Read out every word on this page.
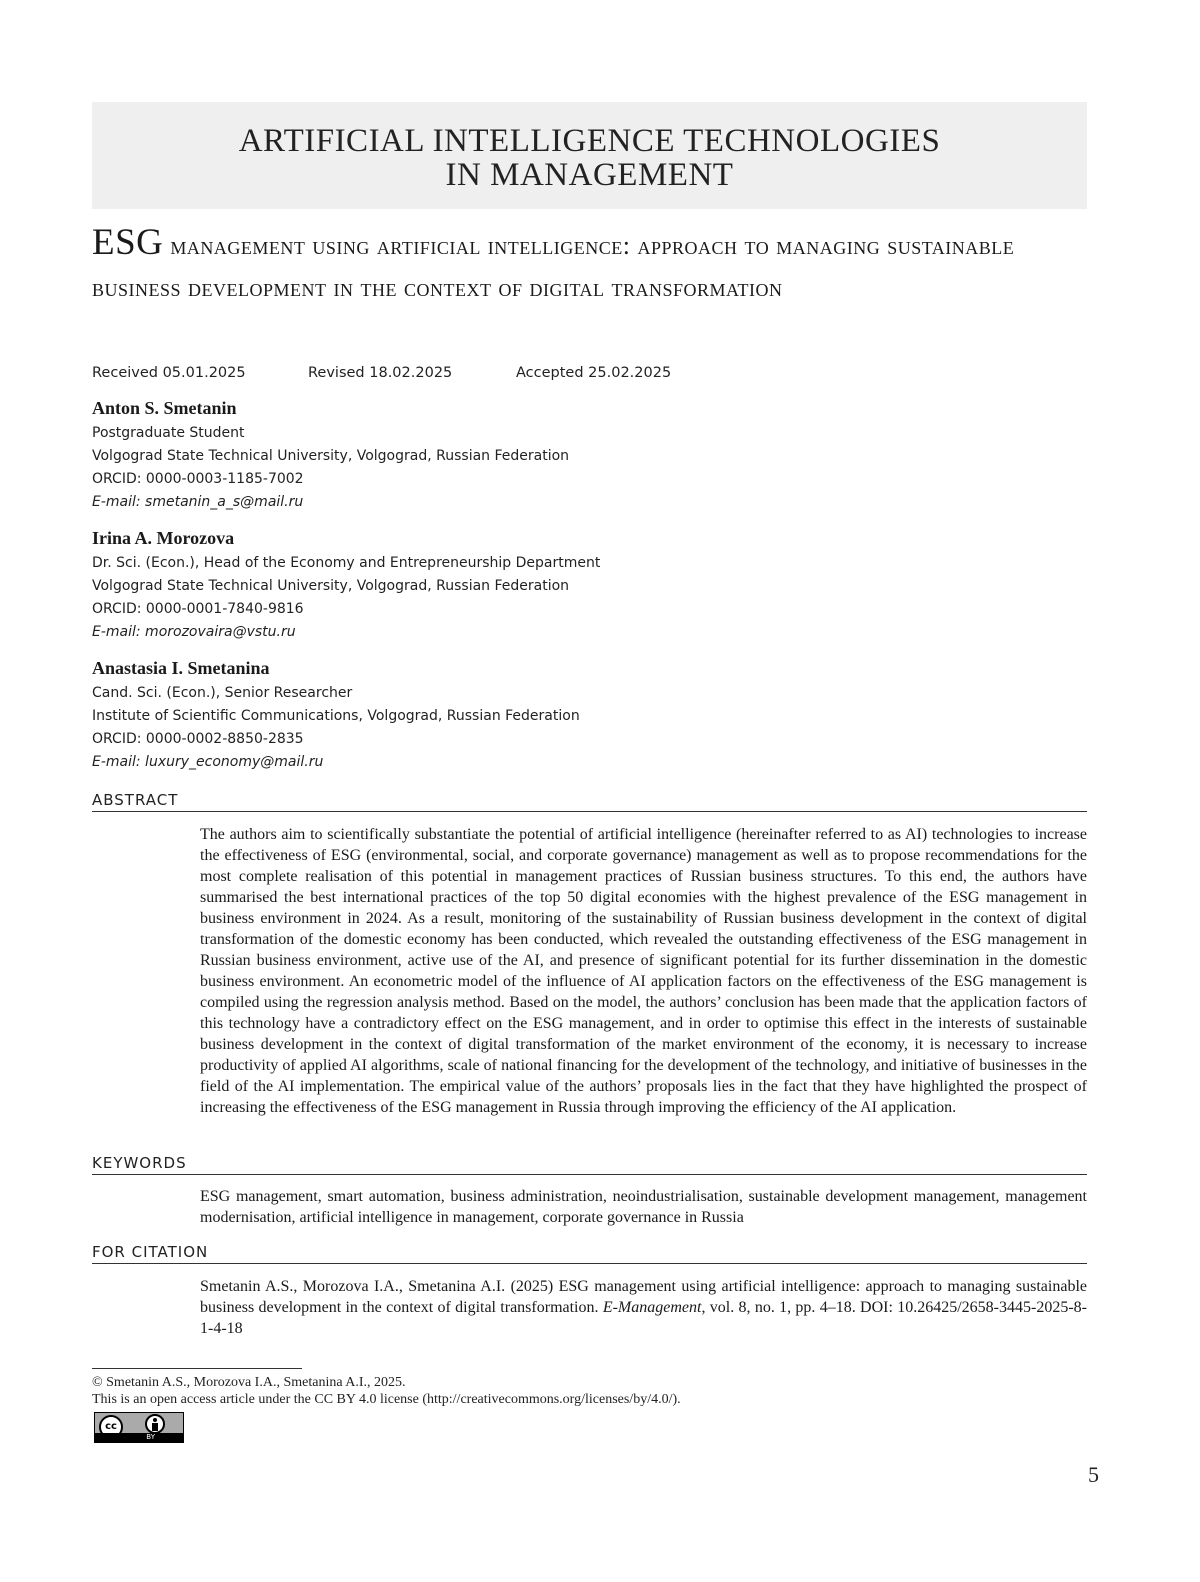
ARTIFICIAL INTELLIGENCE TECHNOLOGIES
IN MANAGEMENT
ESG management using artificial intelligence: approach to managing sustainable business development in the context of digital transformation
Received 05.01.2025	Revised 18.02.2025	Accepted 25.02.2025
Anton S. Smetanin
Postgraduate Student
Volgograd State Technical University, Volgograd, Russian Federation
ORCID: 0000-0003-1185-7002
E-mail: smetanin_a_s@mail.ru
Irina A. Morozova
Dr. Sci. (Econ.), Head of the Economy and Entrepreneurship Department
Volgograd State Technical University, Volgograd, Russian Federation
ORCID: 0000-0001-7840-9816
E-mail: morozovaira@vstu.ru
Anastasia I. Smetanina
Cand. Sci. (Econ.), Senior Researcher
Institute of Scientific Communications, Volgograd, Russian Federation
ORCID: 0000-0002-8850-2835
E-mail: luxury_economy@mail.ru
ABSTRACT
The authors aim to scientifically substantiate the potential of artificial intelligence (hereinafter referred to as AI) technologies to increase the effectiveness of ESG (environmental, social, and corporate governance) management as well as to propose recommendations for the most complete realisation of this potential in management practices of Russian business structures. To this end, the authors have summarised the best international practices of the top 50 digital economies with the highest prevalence of the ESG management in business environment in 2024. As a result, monitoring of the sustainability of Russian business development in the context of digital transformation of the domestic economy has been conducted, which revealed the outstanding effectiveness of the ESG management in Russian business environment, active use of the AI, and presence of significant potential for its further dissemination in the domestic business environment. An econometric model of the influence of AI application factors on the effectiveness of the ESG management is compiled using the regression analysis method. Based on the model, the authors’ conclusion has been made that the application factors of this technology have a contradictory effect on the ESG management, and in order to optimise this effect in the interests of sustainable business development in the context of digital transformation of the market environment of the economy, it is necessary to increase productivity of applied AI algorithms, scale of national financing for the development of the technology, and initiative of businesses in the field of the AI implementation. The empirical value of the authors’ proposals lies in the fact that they have highlighted the prospect of increasing the effectiveness of the ESG management in Russia through improving the efficiency of the AI application.
KEYWORDS
ESG management, smart automation, business administration, neoindustrialisation, sustainable development management, management modernisation, artificial intelligence in management, corporate governance in Russia
FOR CITATION
Smetanin A.S., Morozova I.A., Smetanina A.I. (2025) ESG management using artificial intelligence: approach to managing sustainable business development in the context of digital transformation. E-Management, vol. 8, no. 1, pp. 4–18. DOI: 10.26425/2658-3445-2025-8-1-4-18
© Smetanin A.S., Morozova I.A., Smetanina A.I., 2025.
This is an open access article under the CC BY 4.0 license (http://creativecommons.org/licenses/by/4.0/).
cc
BY
5
